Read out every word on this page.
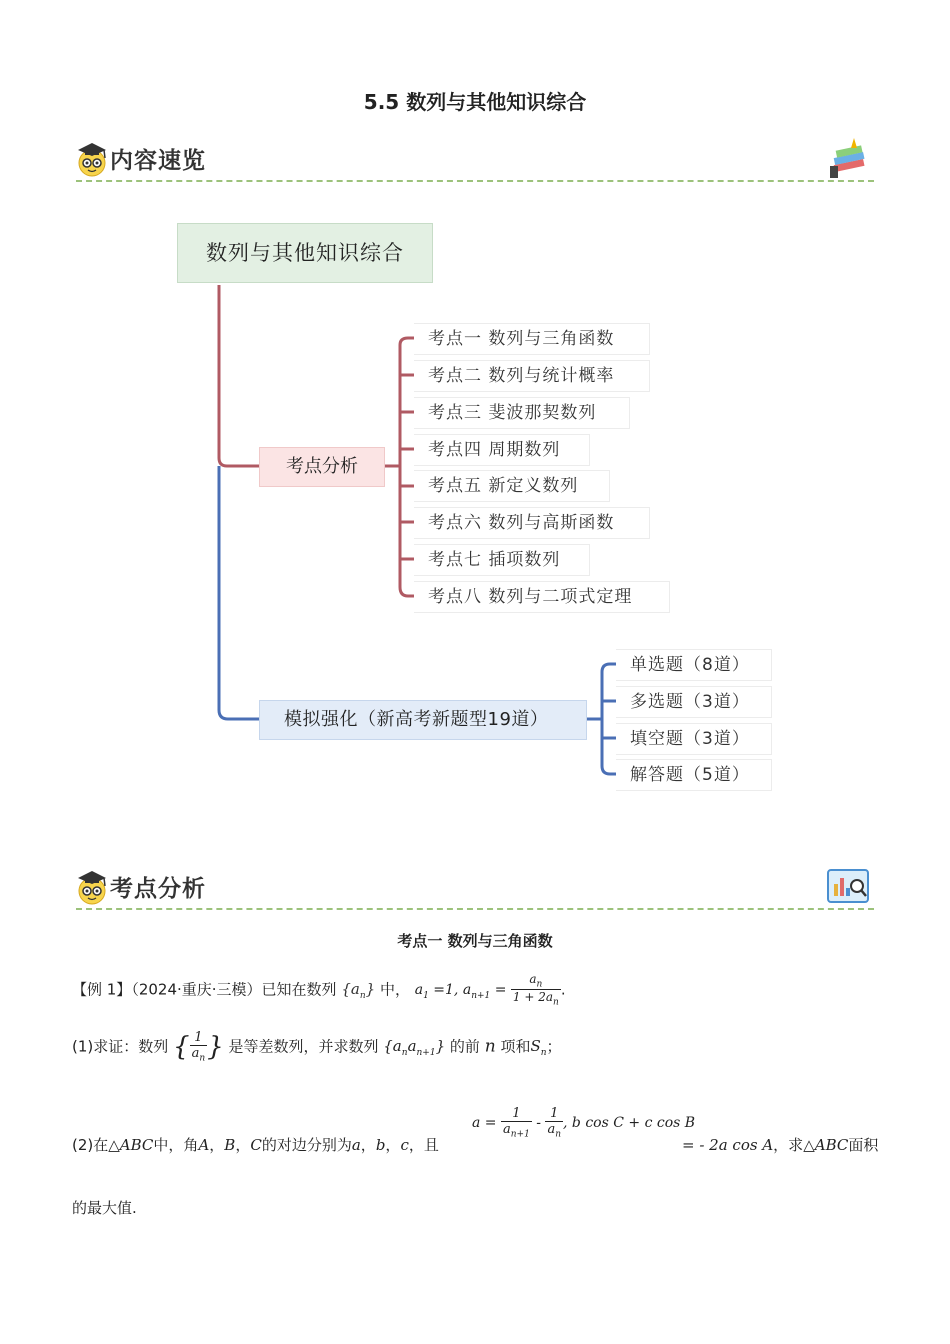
5.5 数列与其他知识综合
内容速览
数列与其他知识综合
考点分析
模拟强化（新高考新题型19道）
考点一 数列与三角函数
考点二 数列与统计概率
考点三 斐波那契数列
考点四 周期数列
考点五 新定义数列
考点六 数列与高斯函数
考点七 插项数列
考点八 数列与二项式定理
单选题（8道）
多选题（3道）
填空题（3道）
解答题（5道）
考点分析
考点一 数列与三角函数
【例 1】（2024·重庆·三模）已知在数列 $\{a_n\}$ 中， $a_1 =1$, $a_{n+1} = \frac{a_n}{1 + 2a_n}$ .
(1)求证：数列 { $\frac{1}{a_n}$ } 是等差数列，并求数列 $\{a_na_{n+1}\}$ 的前 n 项和$S_n$；
(2)在△ABC中，角A，B，C的对边分别为a，b，c，且
$a = \frac{1}{a_{n+1}} - \frac{1}{a_n}$ , b cos C + c cos B
= - 2a cos A，求△ABC面积
的最大值.
